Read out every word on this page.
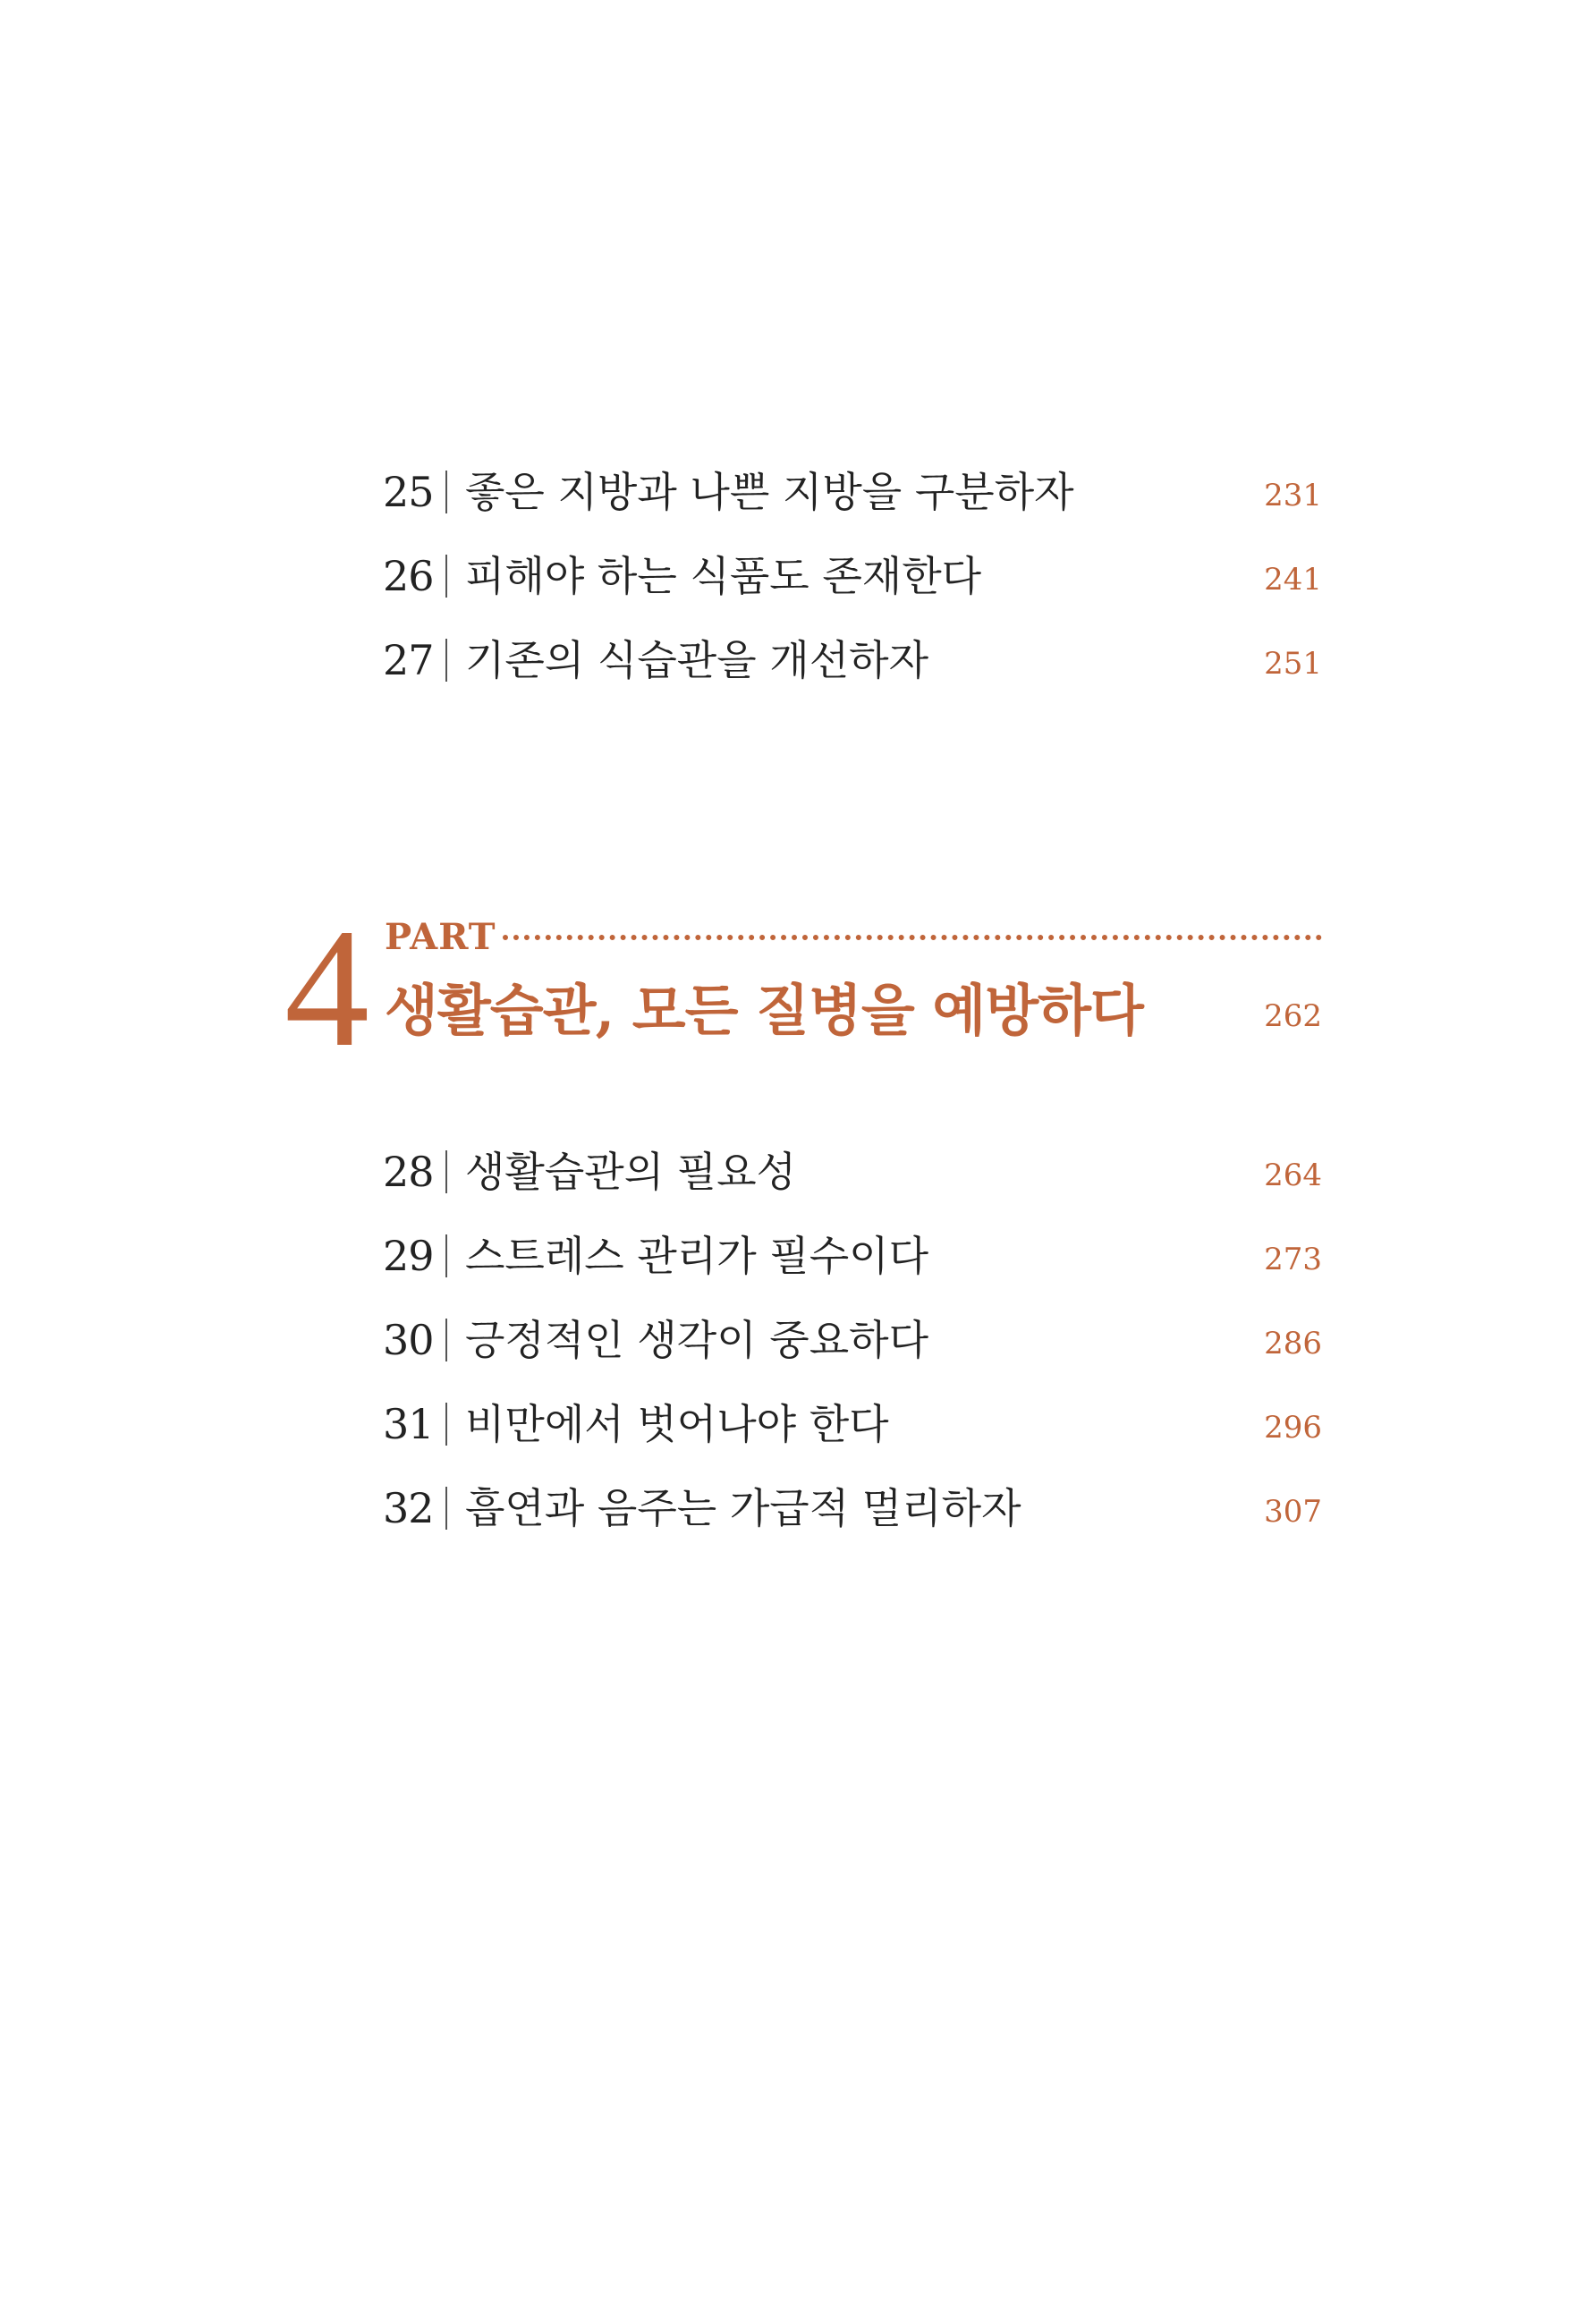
25 좋은 지방과 나쁜 지방을 구분하자	231
26 피해야 하는 식품도 존재한다	241
27 기존의 식습관을 개선하자	251
4 PART
생활습관, 모든 질병을 예방하다	262
28 생활습관의 필요성	264
29 스트레스 관리가 필수이다	273
30 긍정적인 생각이 중요하다	286
31 비만에서 벗어나야 한다	296
32 흡연과 음주는 가급적 멀리하자	307
